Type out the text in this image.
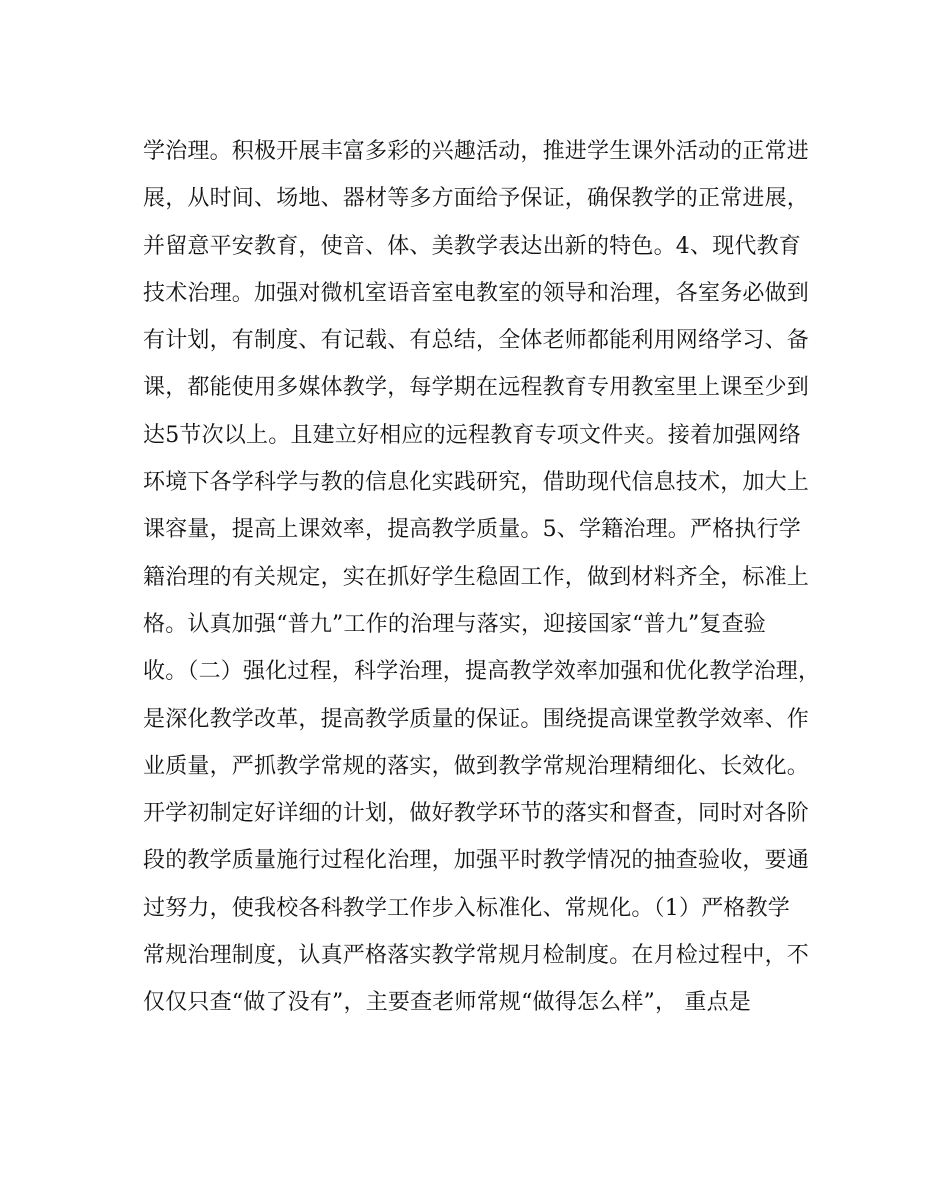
学治理。积极开展丰富多彩的兴趣活动，推进学生课外活动的正常进
展，从时间、场地、器材等多方面给予保证，确保教学的正常进展，
并留意平安教育，使音、体、美教学表达出新的特色。4、现代教育
技术治理。加强对微机室语音室电教室的领导和治理，各室务必做到
有计划，有制度、有记载、有总结，全体老师都能利用网络学习、备
课，都能使用多媒体教学，每学期在远程教育专用教室里上课至少到
达5节次以上。且建立好相应的远程教育专项文件夹。接着加强网络
环境下各学科学与教的信息化实践研究，借助现代信息技术，加大上
课容量，提高上课效率，提高教学质量。5、学籍治理。严格执行学
籍治理的有关规定，实在抓好学生稳固工作，做到材料齐全，标准上
格。认真加强“普九”工作的治理与落实，迎接国家“普九”复查验
收。（二）强化过程，科学治理，提高教学效率加强和优化教学治理，
是深化教学改革，提高教学质量的保证。围绕提高课堂教学效率、作
业质量，严抓教学常规的落实，做到教学常规治理精细化、长效化。
开学初制定好详细的计划，做好教学环节的落实和督查，同时对各阶
段的教学质量施行过程化治理，加强平时教学情况的抽查验收，要通
过努力，使我校各科教学工作步入标准化、常规化。（1）严格教学
常规治理制度，认真严格落实教学常规月检制度。在月检过程中，不
仅仅只查“做了没有”，主要查老师常规“做得怎么样”， 重点是
